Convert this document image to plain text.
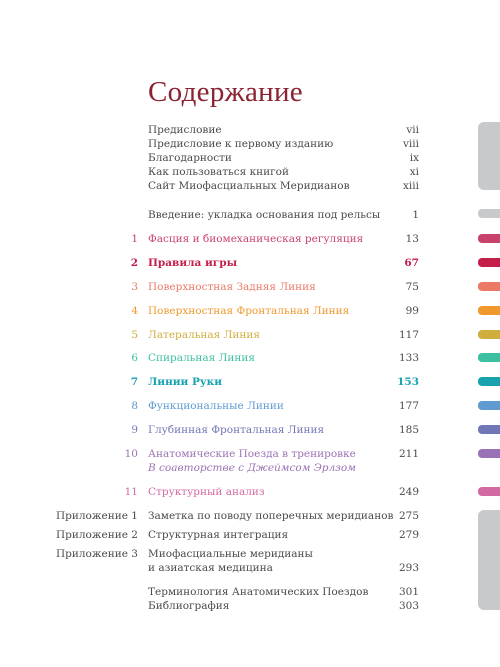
Содержание
Предисловие	vii
Предисловие к первому изданию	viii
Благодарности	ix
Как пользоваться книгой	xi
Сайт Миофасциальных Меридианов	xiii
Введение: укладка основания под рельсы	1
1 Фасция и биомеханическая регуляция	13
2 Правила игры	67
3 Поверхностная Задняя Линия	75
4 Поверхностная Фронтальная Линия	99
5 Латеральная Линия	117
6 Спиральная Линия	133
7 Линии Руки	153
8 Функциональные Линии	177
9 Глубинная Фронтальная Линия	185
10 Анатомические Поезда в тренировке	211
В соавторстве с Джеймсом Эрлзом
11 Структурный анализ	249
Приложение 1 Заметка по поводу поперечных меридианов 275
Приложение 2 Структурная интеграция	279
Приложение 3 Миофасциальные меридианы
и азиатская медицина	293
Терминология Анатомических Поездов	301
Библиография	303
